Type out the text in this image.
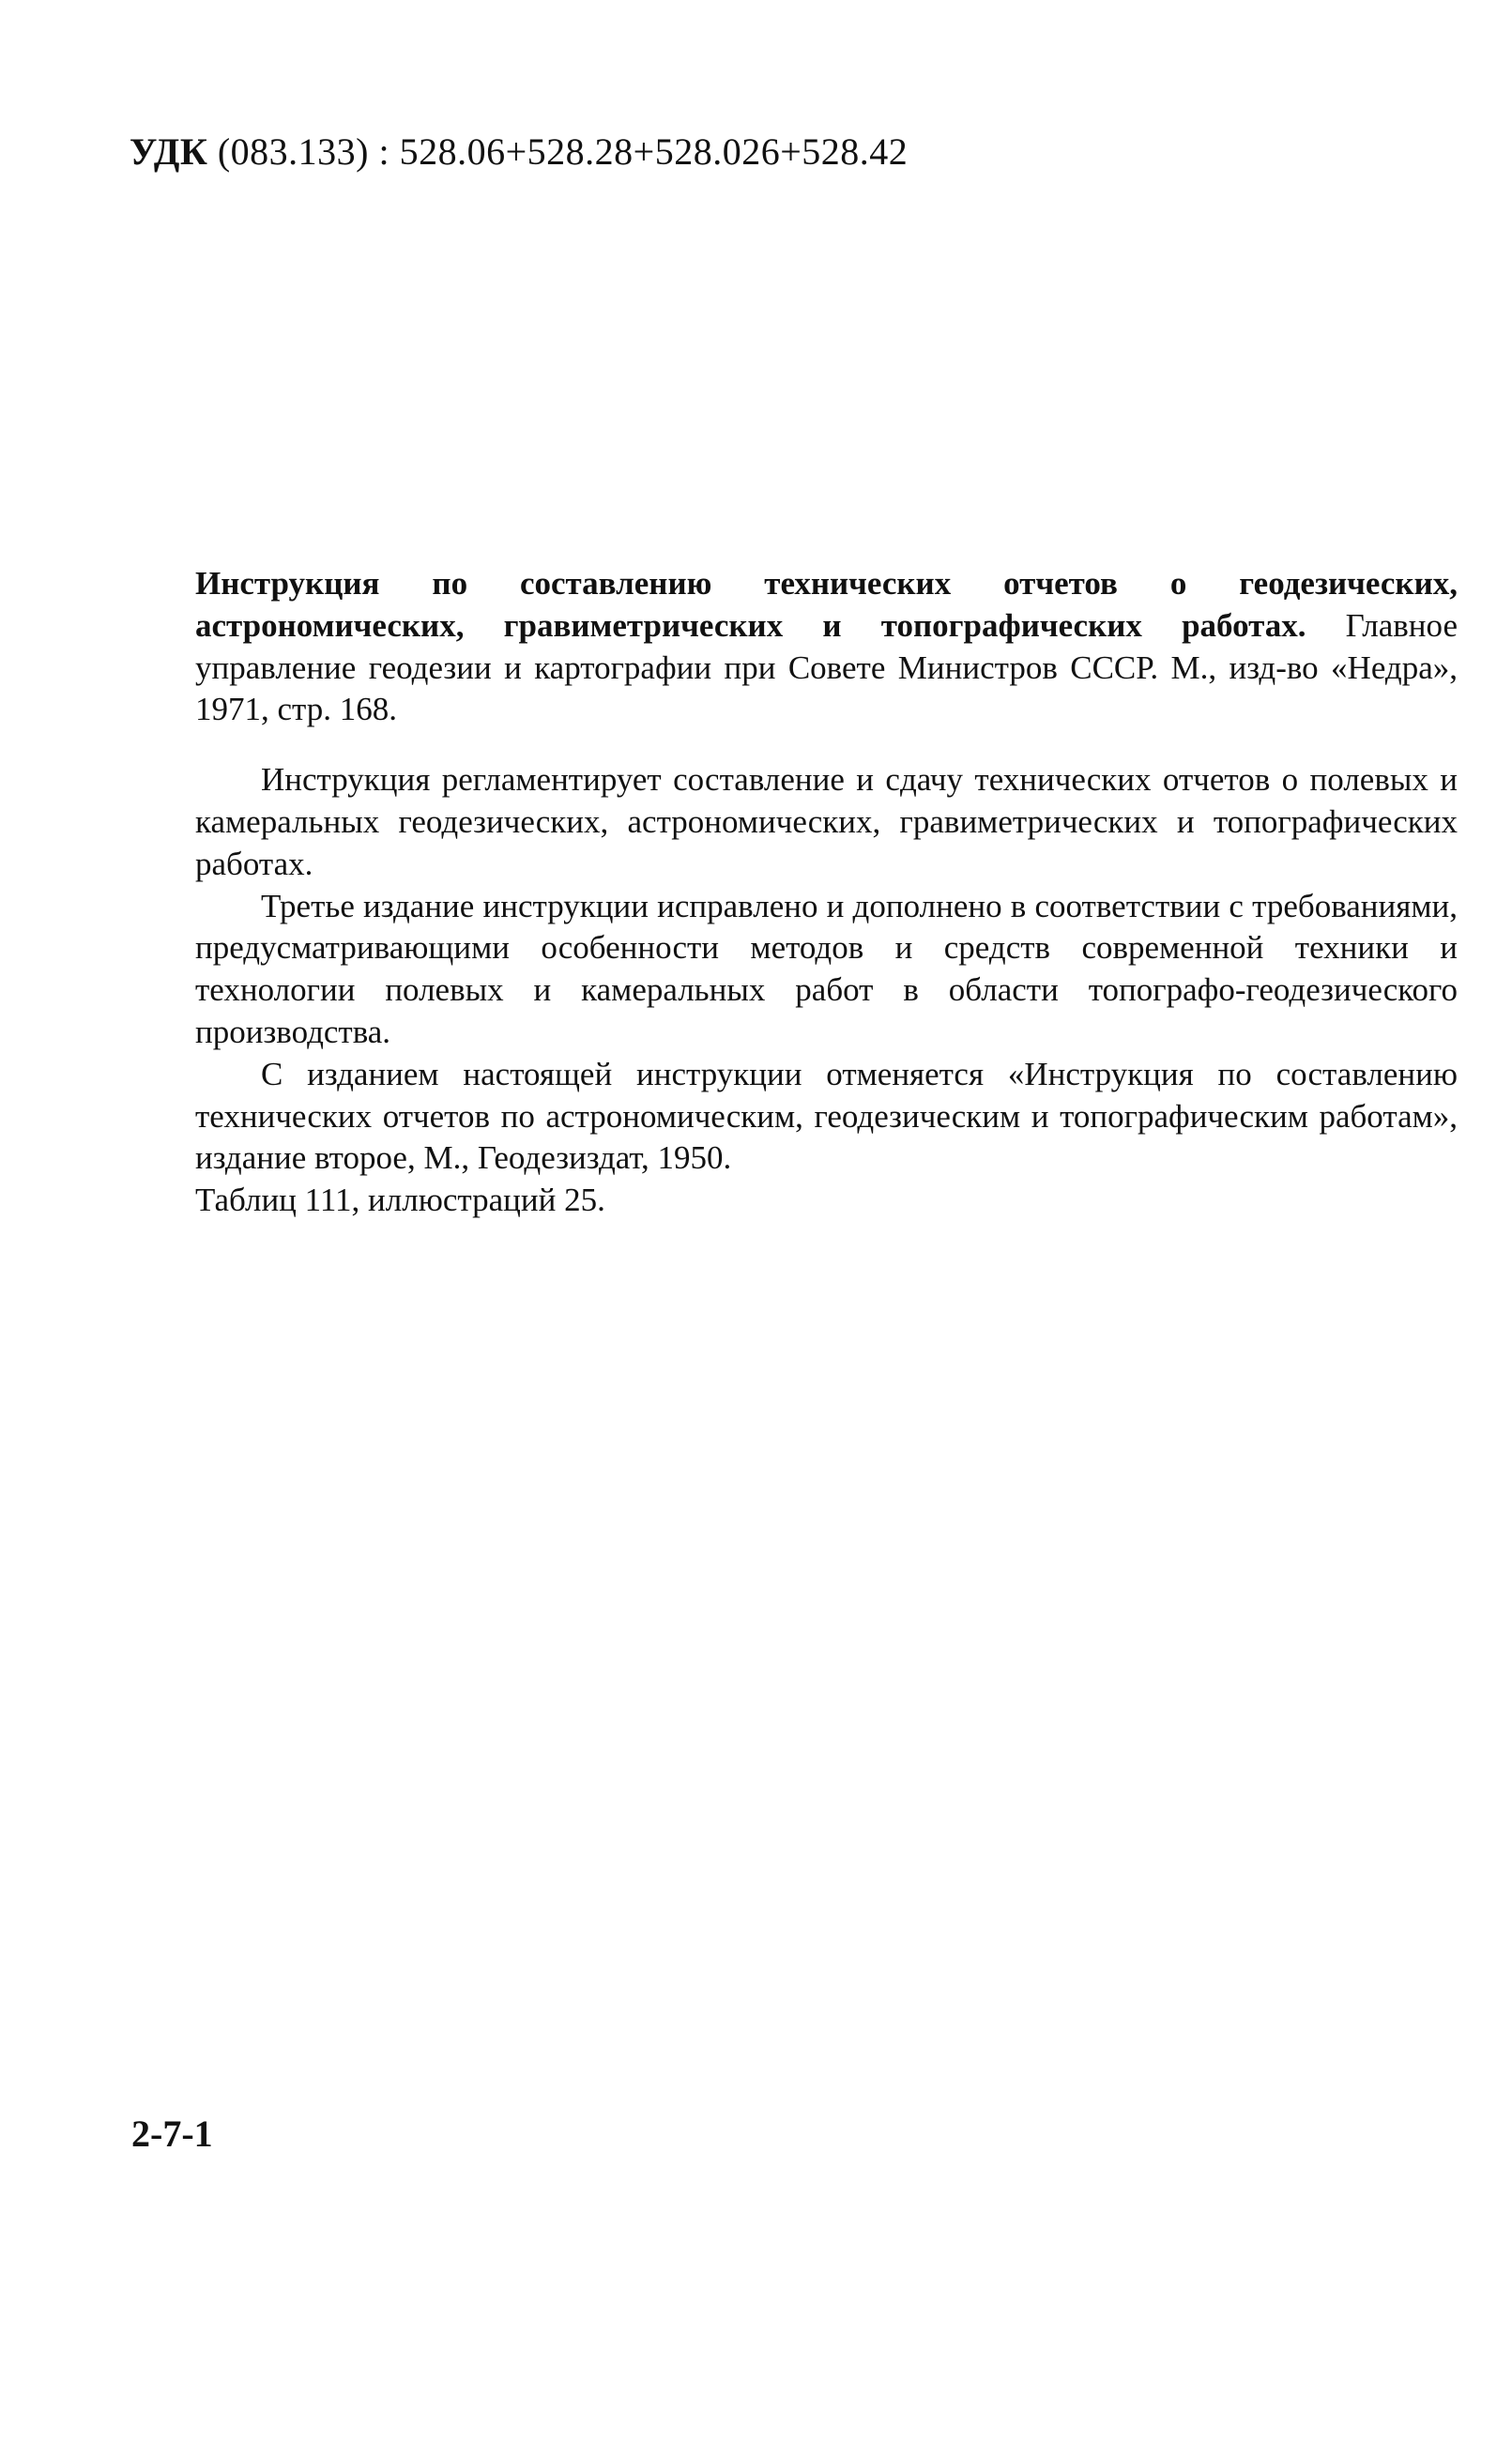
УДК (083.133) : 528.06+528.28+528.026+528.42

Инструкция по составлению технических отчетов о геодезических, астрономических, гравиметрических и топографических работах. Главное управление геодезии и картографии при Совете Министров СССР. М., изд-во «Недра», 1971, стр. 168.

Инструкция регламентирует составление и сдачу технических отчетов о полевых и камеральных геодезических, астрономических, гравиметрических и топографических работах.

Третье издание инструкции исправлено и дополнено в соответствии с требованиями, предусматривающими особенности методов и средств современной техники и технологии полевых и камеральных работ в области топографо-геодезического производства.

С изданием настоящей инструкции отменяется «Инструкция по составлению технических отчетов по астрономическим, геодезическим и топографическим работам», издание второе, М., Геодезиздат, 1950.

Таблиц 111, иллюстраций 25.

2-7-1
